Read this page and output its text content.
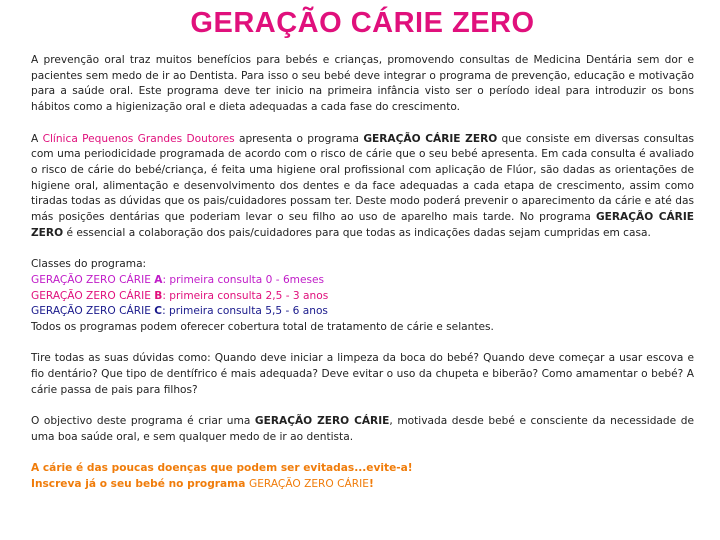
GERAÇÃO CÁRIE ZERO

A prevenção oral traz muitos benefícios para bebés e crianças, promovendo consultas de Medicina Dentária sem dor e pacientes sem medo de ir ao Dentista. Para isso o seu bebé deve integrar o programa de prevenção, educação e motivação para a saúde oral. Este programa deve ter inicio na primeira infância visto ser o período ideal para introduzir os bons hábitos como a higienização oral e dieta adequadas a cada fase do crescimento.

A Clínica Pequenos Grandes Doutores apresenta o programa GERAÇÃO CÁRIE ZERO que consiste em diversas consultas com uma periodicidade programada de acordo com o risco de cárie que o seu bebé apresenta. Em cada consulta é avaliado o risco de cárie do bebé/criança, é feita uma higiene oral profissional com aplicação de Flúor, são dadas as orientações de higiene oral, alimentação e desenvolvimento dos dentes e da face adequadas a cada etapa de crescimento, assim como tiradas todas as dúvidas que os pais/cuidadores possam ter. Deste modo poderá prevenir o aparecimento da cárie e até das más posições dentárias que poderiam levar o seu filho ao uso de aparelho mais tarde. No programa GERAÇÃO CÁRIE ZERO é essencial a colaboração dos pais/cuidadores para que todas as indicações dadas sejam cumpridas em casa.

Classes do programa:

GERAÇÃO ZERO CÁRIE A: primeira consulta 0 - 6meses

GERAÇÃO ZERO CÁRIE B: primeira consulta 2,5 - 3 anos

GERAÇÃO ZERO CÁRIE C: primeira consulta 5,5 - 6 anos

Todos os programas podem oferecer cobertura total de tratamento de cárie e selantes.

Tire todas as suas dúvidas como: Quando deve iniciar a limpeza da boca do bebé? Quando deve começar a usar escova e fio dentário? Que tipo de dentífrico é mais adequada? Deve evitar o uso da chupeta e biberão? Como amamentar o bebé? A cárie passa de pais para filhos?

O objectivo deste programa é criar uma GERAÇÃO ZERO CÁRIE, motivada desde bebé e consciente da necessidade de uma boa saúde oral, e sem qualquer medo de ir ao dentista.

A cárie é das poucas doenças que podem ser evitadas...evite-a!

Inscreva já o seu bebé no programa GERAÇÃO ZERO CÁRIE!
